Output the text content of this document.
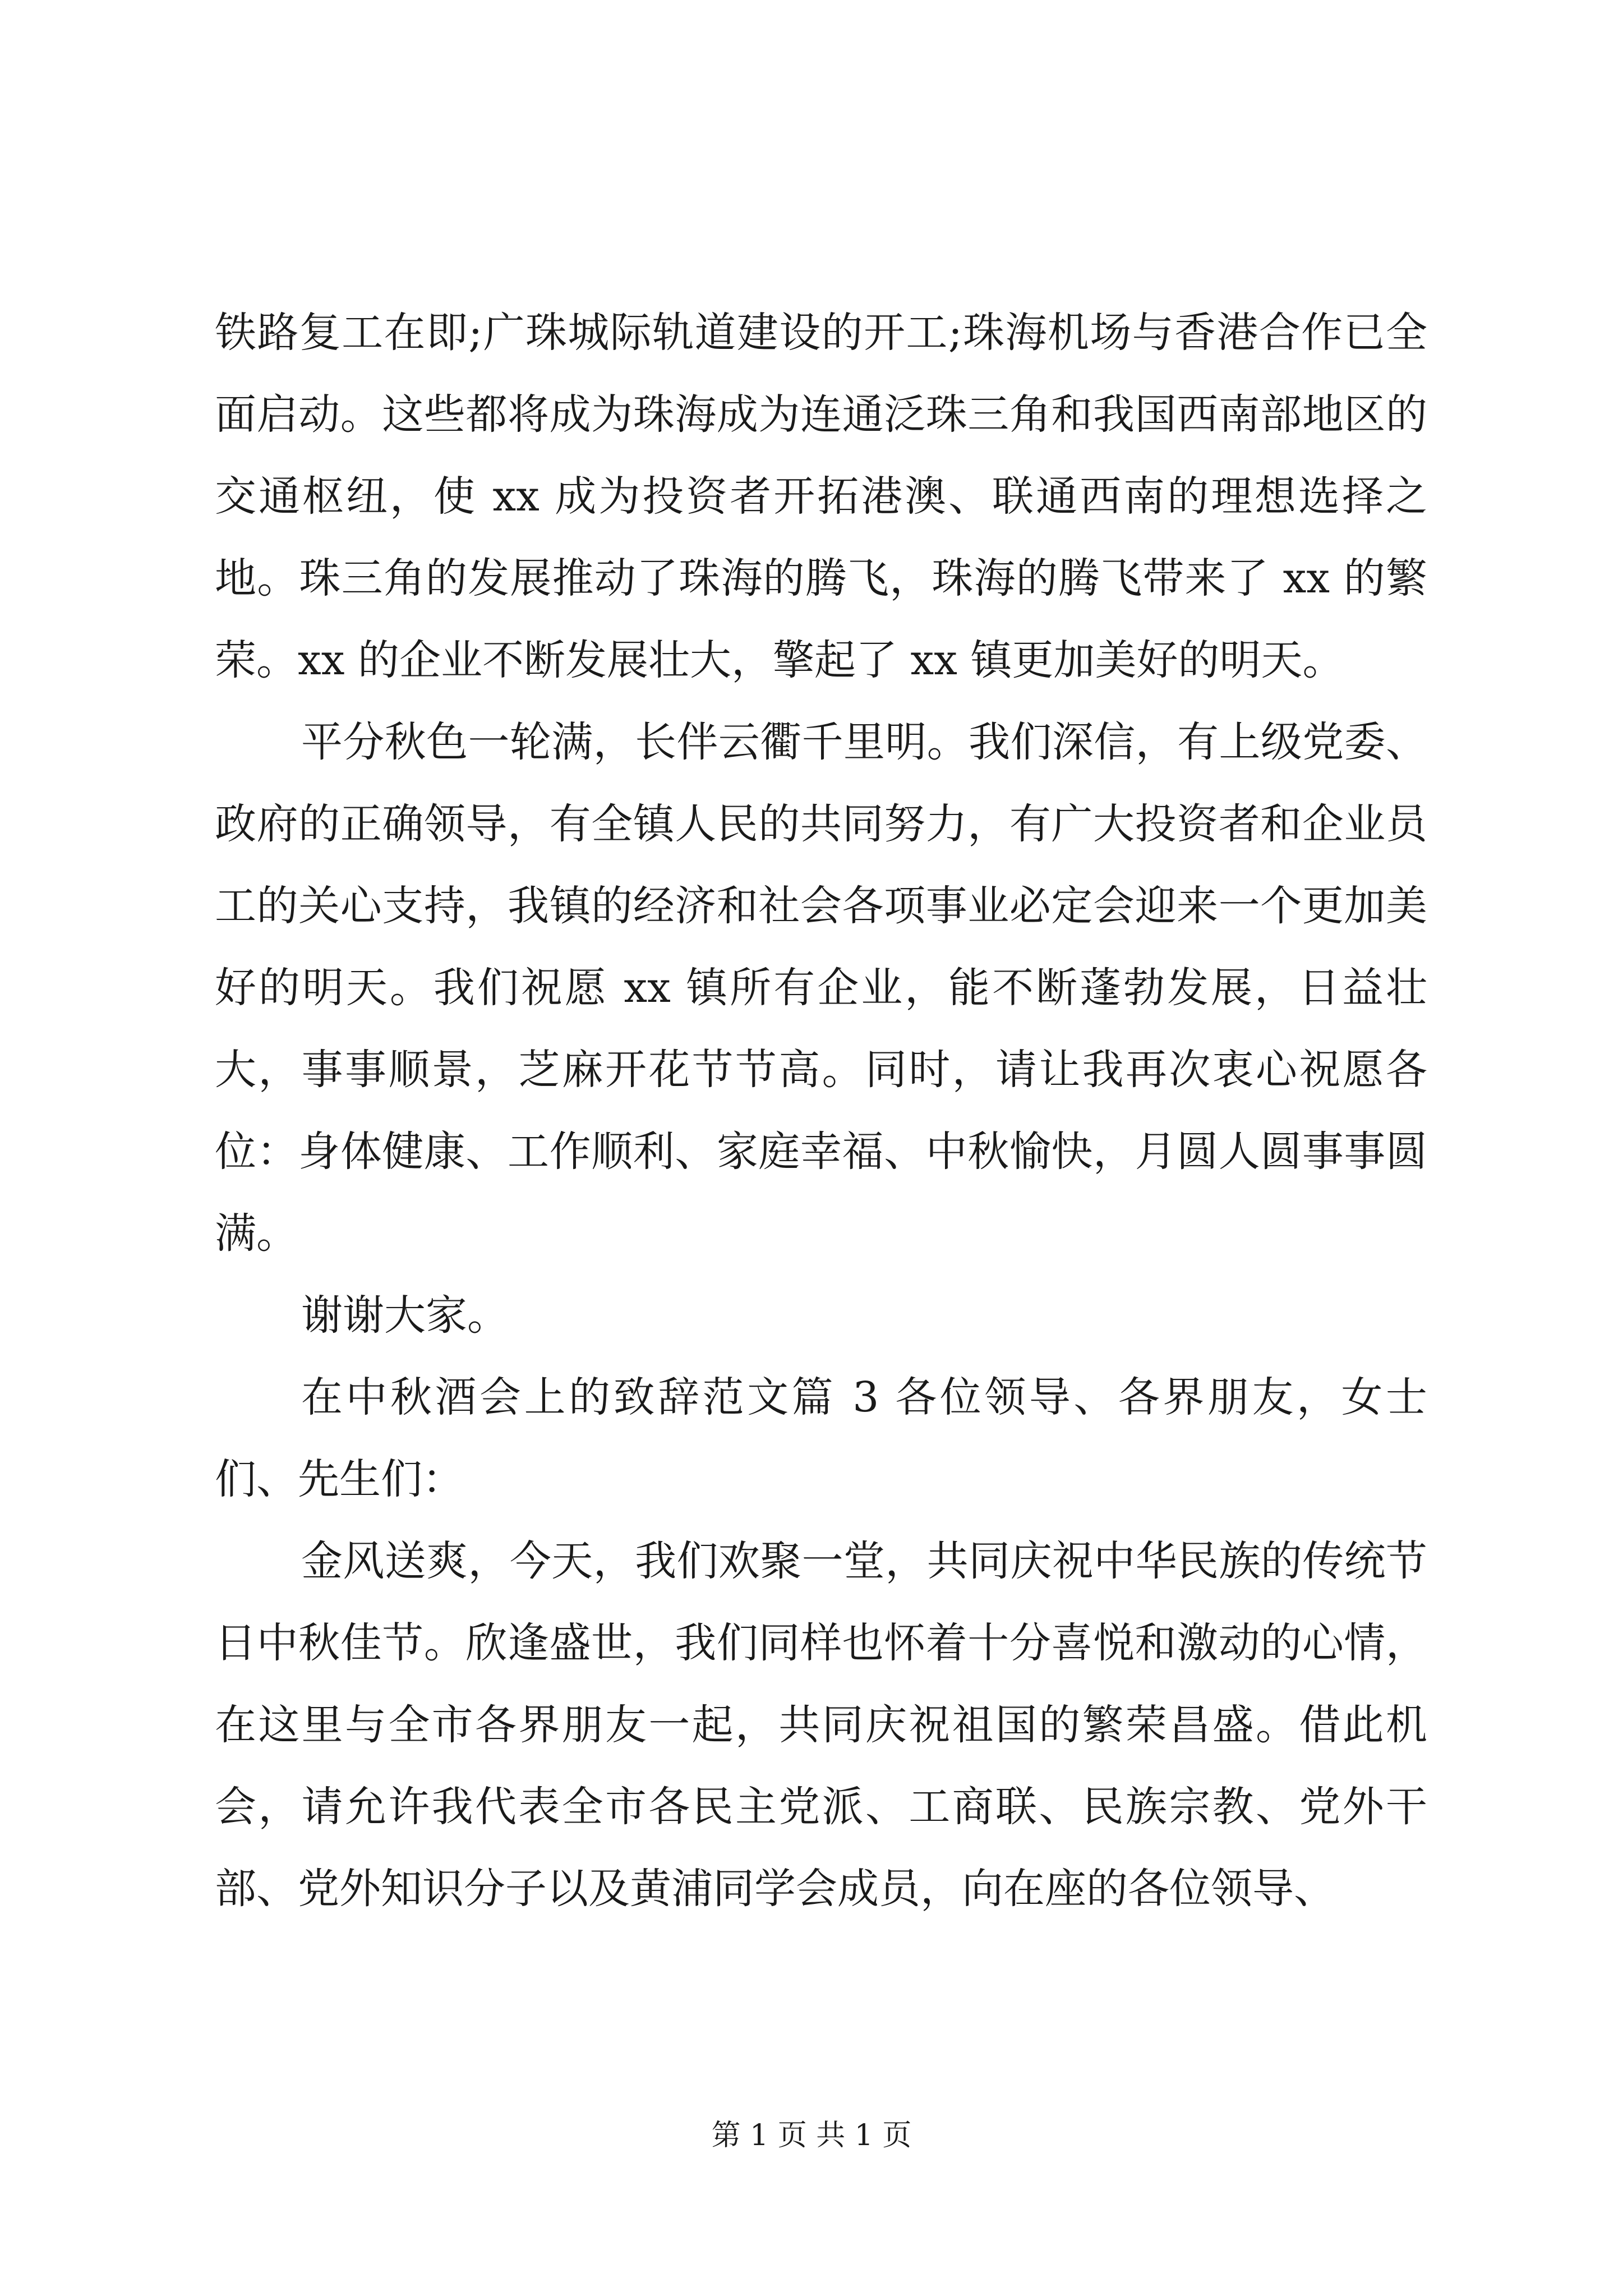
铁路复工在即;广珠城际轨道建设的开工;珠海机场与香港合作已全面启动。这些都将成为珠海成为连通泛珠三角和我国西南部地区的交通枢纽，使 xx 成为投资者开拓港澳、联通西南的理想选择之地。珠三角的发展推动了珠海的腾飞，珠海的腾飞带来了 xx 的繁荣。xx 的企业不断发展壮大，擎起了 xx 镇更加美好的明天。

平分秋色一轮满，长伴云衢千里明。我们深信，有上级党委、政府的正确领导，有全镇人民的共同努力，有广大投资者和企业员工的关心支持，我镇的经济和社会各项事业必定会迎来一个更加美好的明天。我们祝愿 xx 镇所有企业，能不断蓬勃发展，日益壮大，事事顺景，芝麻开花节节高。同时，请让我再次衷心祝愿各位：身体健康、工作顺利、家庭幸福、中秋愉快，月圆人圆事事圆满。

谢谢大家。

在中秋酒会上的致辞范文篇 3 各位领导、各界朋友，女士们、先生们：

金风送爽，今天，我们欢聚一堂，共同庆祝中华民族的传统节日中秋佳节。欣逢盛世，我们同样也怀着十分喜悦和激动的心情，在这里与全市各界朋友一起，共同庆祝祖国的繁荣昌盛。借此机会，请允许我代表全市各民主党派、工商联、民族宗教、党外干部、党外知识分子以及黄浦同学会成员，向在座的各位领导、

第 1 页 共 1 页
